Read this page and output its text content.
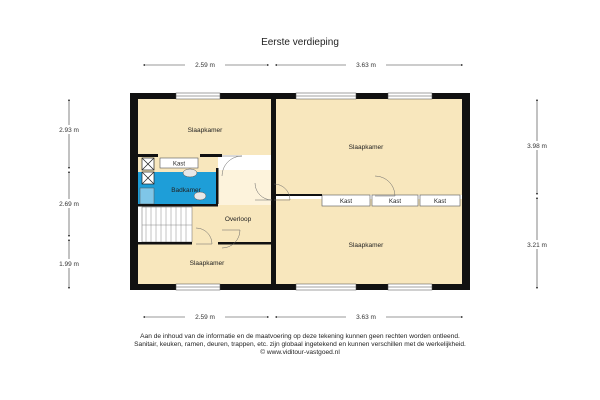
Eerste verdieping
2.59 m	3.63 m
2.59 m	3.63 m
2.93 m
2.69 m
1.99 m
3.98 m
3.21 m
Kast
Kast	Kast	Kast
Slaapkamer
Slaapkamer
Slaapkamer
Slaapkamer
Badkamer
Overloop
Aan de inhoud van de informatie en de maatvoering op deze tekening kunnen geen rechten worden ontleend.
Sanitair, keuken, ramen, deuren, trappen, etc. zijn globaal ingetekend en kunnen verschillen met de werkelijkheid.
© www.viditour-vastgoed.nl
